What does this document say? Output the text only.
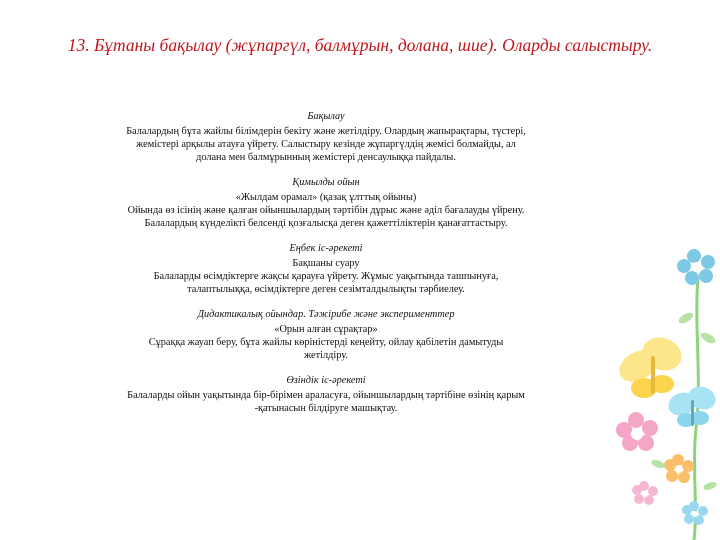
13. Бұтаны бақылау (жұпаргүл, балмұрын, долана, шие). Оларды салыстыру.

Бақылау

Балалардың бұта жайлы білімдерін бекіту және жетілдіру. Олардың жапырақтары, түстері,

жемістері арқылы атауға үйрету. Салыстыру кезінде жұпаргүлдің жемісі болмайды, ал

долана мен балмұрынның жемістері денсаулыққа пайдалы.

Қимылды ойын

«Жылдам орамал» (қазақ ұлттық ойыны)

Ойында өз ісінің және қалған ойыншылардың тәртібін дұрыс және әділ бағалауды үйрену.

Балалардың күнделікті белсенді қозғалысқа деген қажеттіліктерін қанағаттастыру.

Еңбек іс-әрекеті

Бақшаны суару

Балаларды өсімдіктерге жақсы қарауға үйрету. Жұмыс уақытында ташпынуға,

талаптылыққа, өсімдіктерге деген сезімталдылықты тәрбиелеу.

Дидактикалық ойындар. Тәжірибе және эксперименттер

«Орын алған сұрақтар»

Сұраққа жауап беру, бұта жайлы көріністерді кеңейту, ойлау қабілетін дамытуды

жетілдіру.

Өзіндік іс-әрекеті

Балаларды ойын уақытында бір-бірімен араласуға, ойыншылардың тәртібіне өзінің қарым

-қатынасын білдіруге машықтау.
